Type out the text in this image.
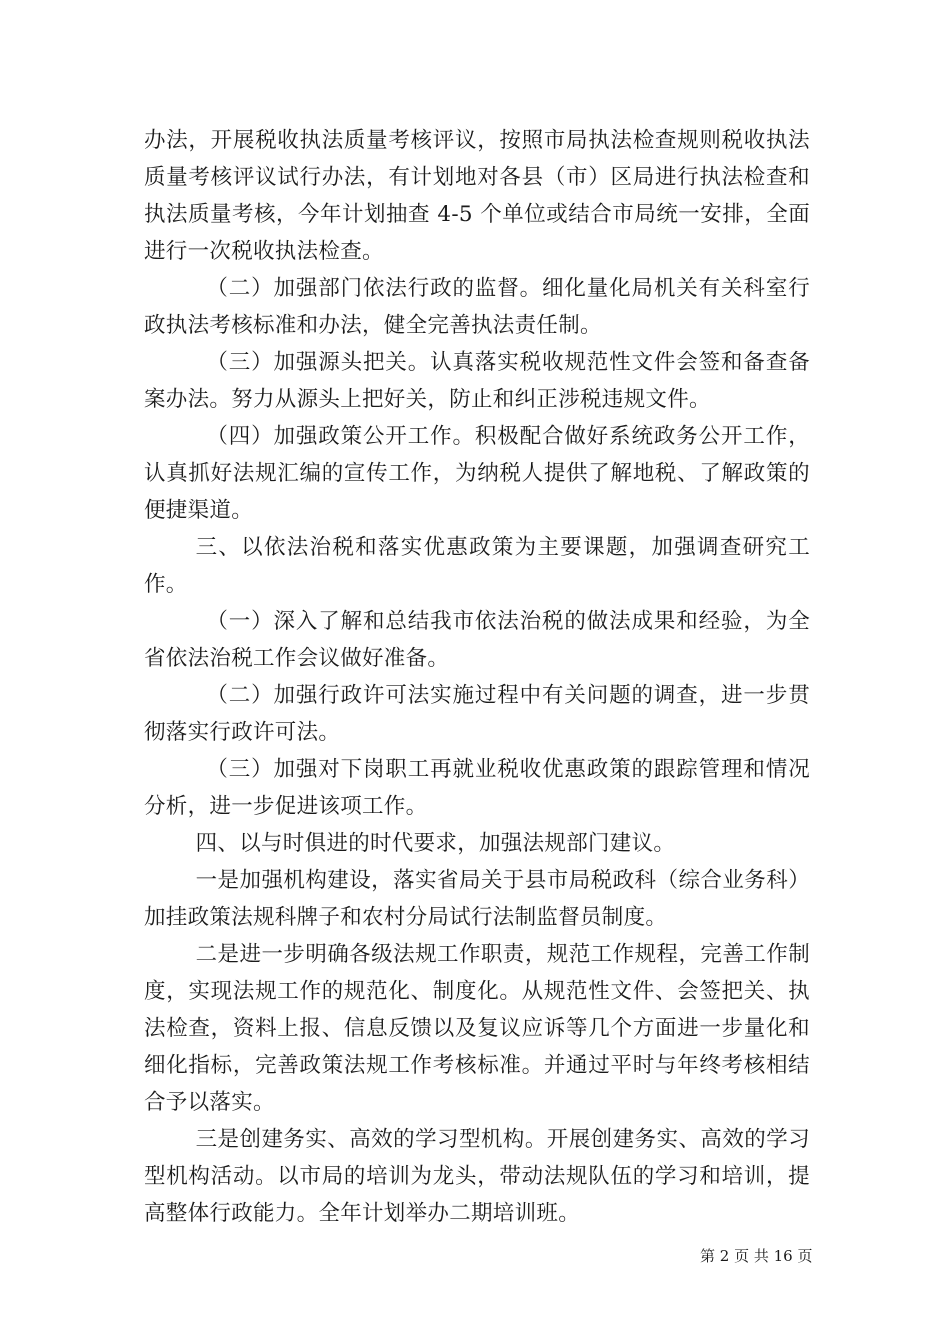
办法，开展税收执法质量考核评议，按照市局执法检查规则税收执法质量考核评议试行办法，有计划地对各县（市）区局进行执法检查和执法质量考核，今年计划抽查 4-5 个单位或结合市局统一安排，全面进行一次税收执法检查。

（二）加强部门依法行政的监督。细化量化局机关有关科室行政执法考核标准和办法，健全完善执法责任制。

（三）加强源头把关。认真落实税收规范性文件会签和备查备案办法。努力从源头上把好关，防止和纠正涉税违规文件。

（四）加强政策公开工作。积极配合做好系统政务公开工作，认真抓好法规汇编的宣传工作，为纳税人提供了解地税、了解政策的便捷渠道。

三、以依法治税和落实优惠政策为主要课题，加强调查研究工作。

（一）深入了解和总结我市依法治税的做法成果和经验，为全省依法治税工作会议做好准备。

（二）加强行政许可法实施过程中有关问题的调查，进一步贯彻落实行政许可法。

（三）加强对下岗职工再就业税收优惠政策的跟踪管理和情况分析，进一步促进该项工作。

四、以与时俱进的时代要求，加强法规部门建议。

一是加强机构建设，落实省局关于县市局税政科（综合业务科）加挂政策法规科牌子和农村分局试行法制监督员制度。

二是进一步明确各级法规工作职责，规范工作规程，完善工作制度，实现法规工作的规范化、制度化。从规范性文件、会签把关、执法检查，资料上报、信息反馈以及复议应诉等几个方面进一步量化和细化指标，完善政策法规工作考核标准。并通过平时与年终考核相结合予以落实。

三是创建务实、高效的学习型机构。开展创建务实、高效的学习型机构活动。以市局的培训为龙头，带动法规队伍的学习和培训，提高整体行政能力。全年计划举办二期培训班。

第 2 页 共 16 页
